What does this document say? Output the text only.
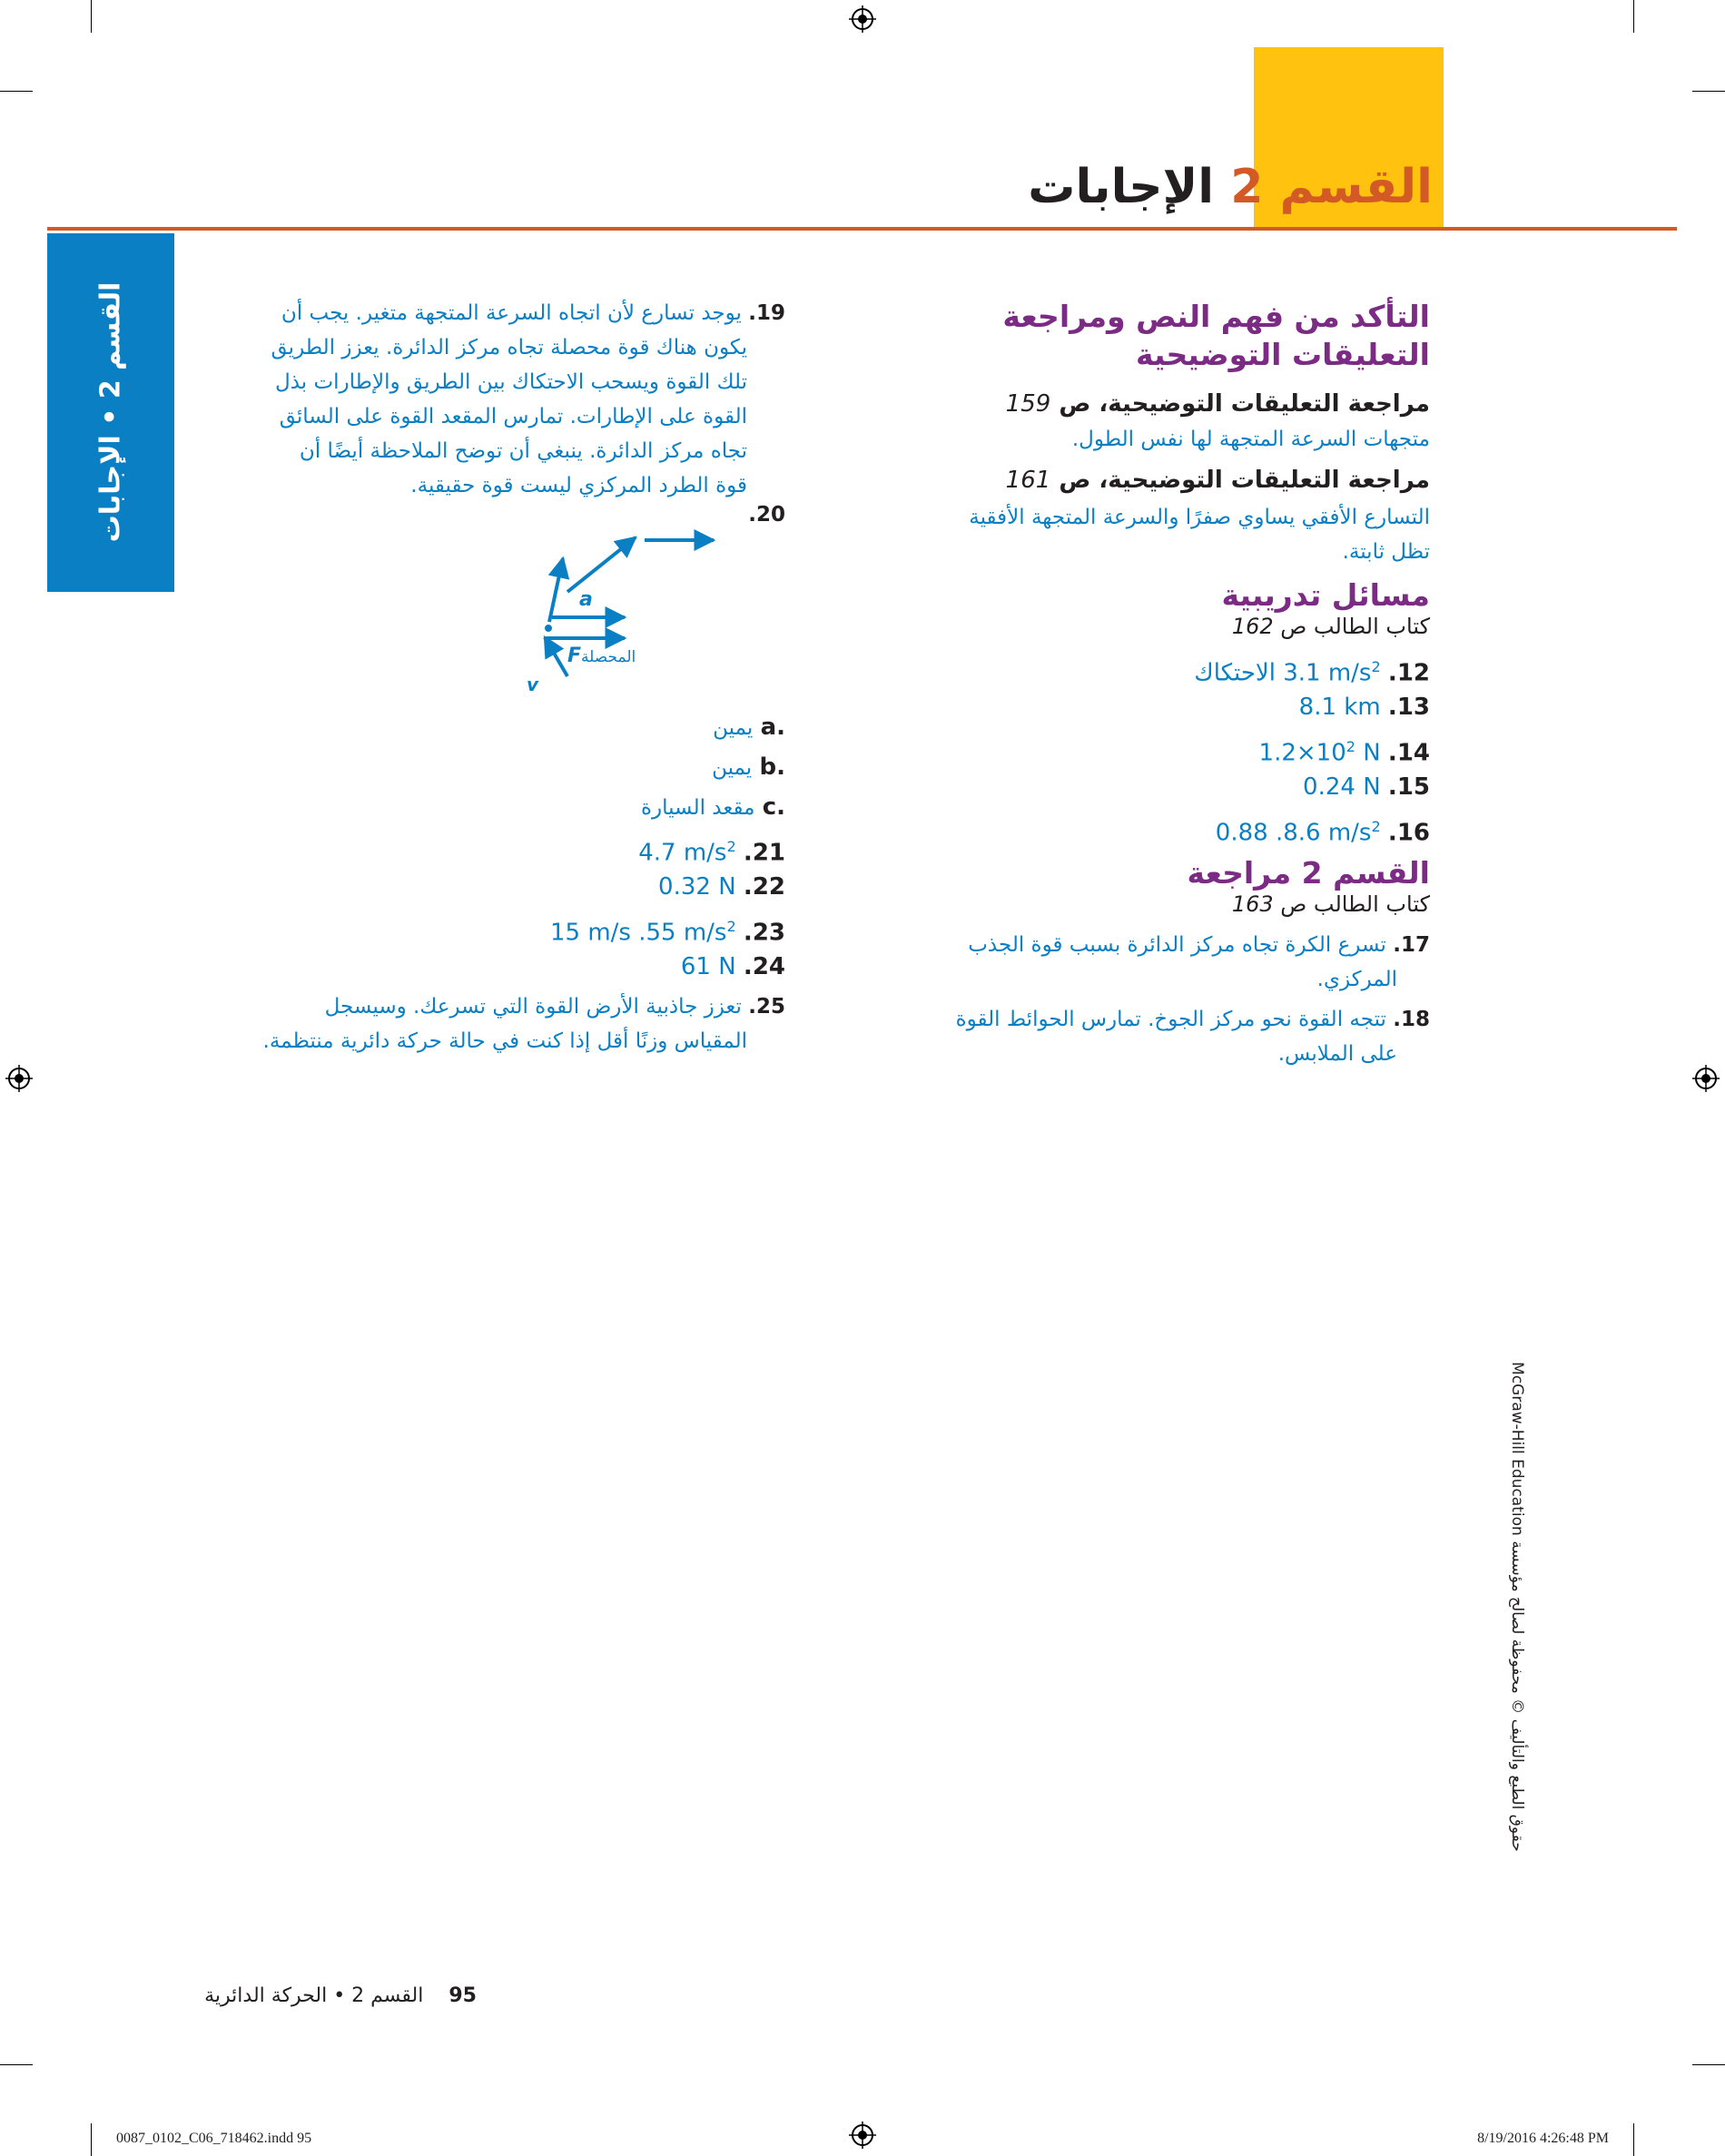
القسم 2 الإجابات
القسم 2 • الإجابات	التأكد من فهم النص ومراجعة التعليقات التوضيحية
مراجعة التعليقات التوضيحية، ص 159
متجهات السرعة المتجهة لها نفس الطول.
مراجعة التعليقات التوضيحية، ص 161
التسارع الأفقي يساوي صفرًا والسرعة المتجهة الأفقية
تظل ثابتة.
مسائل تدريبية
كتاب الطالب ص 162
12. 3.1 $m/s^2$ الاحتكاك
13. 8.1 km
14. $1.2\times 10^2$ N
15. 0.24 N
16. 0.88 .8.6 $m/s^2$
القسم 2 مراجعة
كتاب الطالب ص 163
17. تسرع الكرة تجاه مركز الدائرة بسبب قوة الجذب
المركزي.
18. تتجه القوة نحو مركز الجوخ. تمارس الحوائط القوة
على الملابس.
19. يوجد تسارع لأن اتجاه السرعة المتجهة متغير. يجب أن
يكون هناك قوة محصلة تجاه مركز الدائرة. يعزز الطريق
تلك القوة ويسحب الاحتكاك بين الطريق والإطارات بذل
القوة على الإطارات. تمارس المقعد القوة على السائق
تجاه مركز الدائرة. ينبغي أن توضح الملاحظة أيضًا أن
قوة الطرد المركزي ليست قوة حقيقية.
20.
a
Fالمحصلة
v
.a يمين
.b يمين
.c مقعد السيارة
21. 4.7 $m/s^2$
22. 0.32 N
23. 15 m/s .55 $m/s^2$
24. 61 N
25. تعزز جاذبية الأرض القوة التي تسرعك. وسيسجل
المقياس وزنًا أقل إذا كنت في حالة حركة دائرية منتظمة.
حقوق الطبع والتأليف © محفوظة لصالح مؤسسة McGraw-Hill Education
95    القسم 2 • الحركة الدائرية
0087_0102_C06_718462.indd 95	8/19/2016 4:26:48 PM
